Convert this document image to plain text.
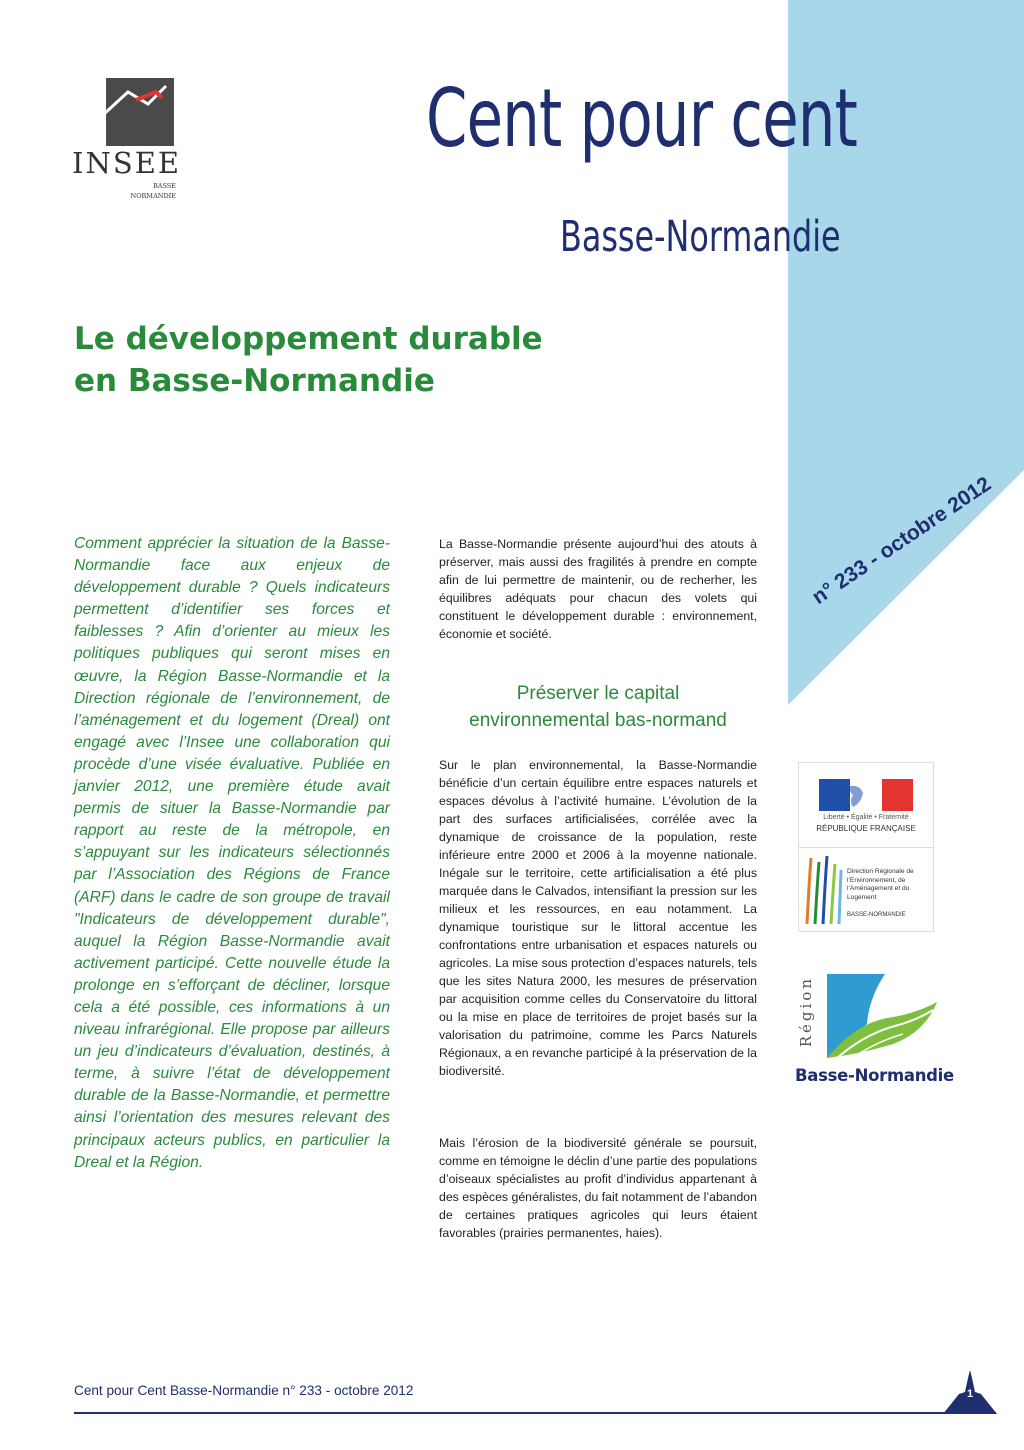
INSEE
BASSE
NORMANDIE
Cent pour cent
Basse-Normandie
Le développement durable
en Basse-Normandie
n° 233 - octobre 2012
Comment apprécier la situation de la Basse-Normandie face aux enjeux de développement durable ? Quels indicateurs permettent d’identifier ses forces et faiblesses ? Afin d’orienter au mieux les politiques publiques qui seront mises en œuvre, la Région Basse-Normandie et la Direction régionale de l’environnement, de l’aménagement et du logement (Dreal) ont engagé avec l’Insee une collaboration qui procède d’une visée évaluative. Publiée en janvier 2012, une première étude avait permis de situer la Basse-Normandie par rapport au reste de la métropole, en s’appuyant sur les indicateurs sélectionnés par l’Association des Régions de France (ARF) dans le cadre de son groupe de travail "Indicateurs de développement durable", auquel la Région Basse-Normandie avait activement participé. Cette nouvelle étude la prolonge en s’efforçant de décliner, lorsque cela a été possible, ces informations à un niveau infrarégional. Elle propose par ailleurs un jeu d’indicateurs d’évaluation, destinés, à terme, à suivre l’état de développement durable de la Basse-Normandie, et permettre ainsi l’orientation des mesures relevant des principaux acteurs publics, en particulier la Dreal et la Région.
La Basse-Normandie présente aujourd’hui des atouts à préserver, mais aussi des fragilités à prendre en compte afin de lui permettre de maintenir, ou de recherher, les équilibres adéquats pour chacun des volets qui constituent le développement durable : environnement, économie et société.
Préserver le capital
environnemental bas-normand
Sur le plan environnemental, la Basse-Normandie bénéficie d’un certain équilibre entre espaces naturels et espaces dévolus à l’activité humaine. L’évolution de la part des surfaces artificialisées, corrélée avec la dynamique de croissance de la population, reste inférieure entre 2000 et 2006 à la moyenne nationale. Inégale sur le territoire, cette artificialisation a été plus marquée dans le Calvados, intensifiant la pression sur les milieux et les ressources, en eau notamment. La dynamique touristique sur le littoral accentue les confrontations entre urbanisation et espaces naturels ou agricoles. La mise sous protection d’espaces naturels, tels que les sites Natura 2000, les mesures de préservation par acquisition comme celles du Conservatoire du littoral ou la mise en place de territoires de projet basés sur la valorisation du patrimoine, comme les Parcs Naturels Régionaux, a en revanche participé à la préservation de la biodiversité.
Mais l’érosion de la biodiversité générale se poursuit, comme en témoigne le déclin d’une partie des populations d’oiseaux spécialistes au profit d’individus appartenant à des espèces généralistes, du fait notamment de l’abandon de certaines pratiques agricoles qui leurs étaient favorables (prairies permanentes, haies).
Liberté • Égalité • Fraternité
RÉPUBLIQUE FRANÇAISE
Direction Régionale de l’Environnement, de l’Aménagement et du Logement
BASSE-NORMANDIE
Région
Basse-Normandie
Cent pour Cent Basse-Normandie n° 233 - octobre 2012	1
